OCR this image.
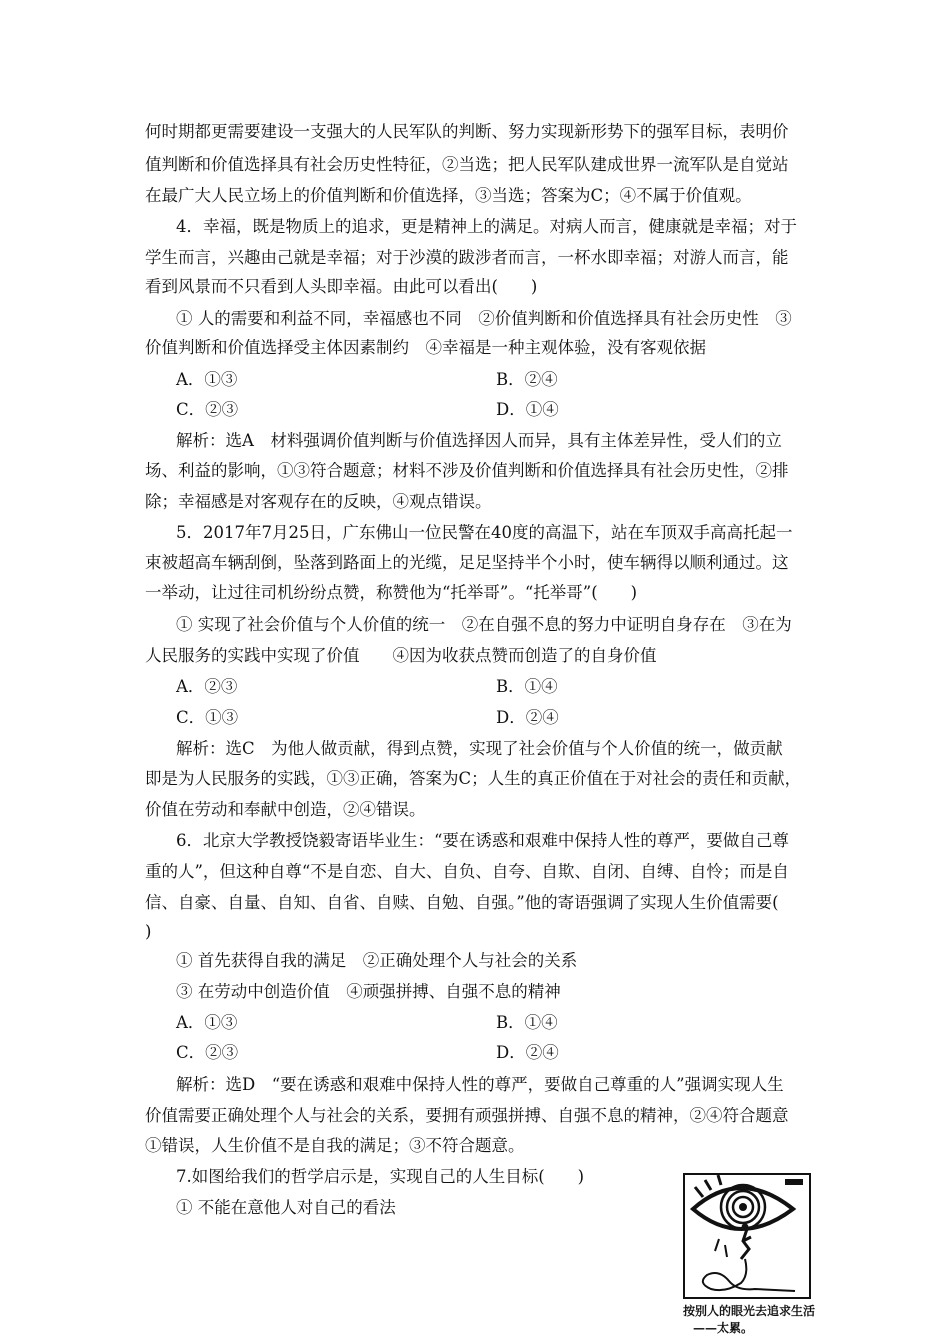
何时期都更需要建设一支强大的人民军队的判断、努力实现新形势下的强军目标，表明价
值判断和价值选择具有社会历史性特征，②当选；把人民军队建成世界一流军队是自觉站
在最广大人民立场上的价值判断和价值选择，③当选；答案为C；④不属于价值观。
4．幸福，既是物质上的追求，更是精神上的满足。对病人而言，健康就是幸福；对于
学生而言，兴趣由己就是幸福；对于沙漠的跋涉者而言，一杯水即幸福；对游人而言，能
看到风景而不只看到人头即幸福。由此可以看出(　　)
① 人的需要和利益不同，幸福感也不同　②价值判断和价值选择具有社会历史性　③
价值判断和价值选择受主体因素制约　④幸福是一种主观体验，没有客观依据
A．①③	B．②④
C．②③	D．①④
解析：选A　材料强调价值判断与价值选择因人而异，具有主体差异性，受人们的立
场、利益的影响，①③符合题意；材料不涉及价值判断和价值选择具有社会历史性，②排
除；幸福感是对客观存在的反映，④观点错误。
5．2017年7月25日，广东佛山一位民警在40度的高温下，站在车顶双手高高托起一
束被超高车辆刮倒，坠落到路面上的光缆，足足坚持半个小时，使车辆得以顺利通过。这
一举动，让过往司机纷纷点赞，称赞他为“托举哥”。“托举哥”(　　)
① 实现了社会价值与个人价值的统一　②在自强不息的努力中证明自身存在　③在为
人民服务的实践中实现了价值　　④因为收获点赞而创造了的自身价值
A．②③	B．①④
C．①③	D．②④
解析：选C　为他人做贡献，得到点赞，实现了社会价值与个人价值的统一，做贡献
即是为人民服务的实践，①③正确，答案为C；人生的真正价值在于对社会的责任和贡献，
价值在劳动和奉献中创造，②④错误。
6．北京大学教授饶毅寄语毕业生：“要在诱惑和艰难中保持人性的尊严，要做自己尊
重的人”，但这种自尊“不是自恋、自大、自负、自夸、自欺、自闭、自缚、自怜；而是自
信、自豪、自量、自知、自省、自赎、自勉、自强。”他的寄语强调了实现人生价值需要(
)
① 首先获得自我的满足　②正确处理个人与社会的关系
③ 在劳动中创造价值　④顽强拼搏、自强不息的精神
A．①③	B．①④
C．②③	D．②④
解析：选D　“要在诱惑和艰难中保持人性的尊严，要做自己尊重的人”强调实现人生
价值需要正确处理个人与社会的关系，要拥有顽强拼搏、自强不息的精神，②④符合题意
①错误，人生价值不是自我的满足；③不符合题意。
7.如图给我们的哲学启示是，实现自己的人生目标(　　)
① 不能在意他人对自己的看法
按别人的眼光去追求生活
——太累。
